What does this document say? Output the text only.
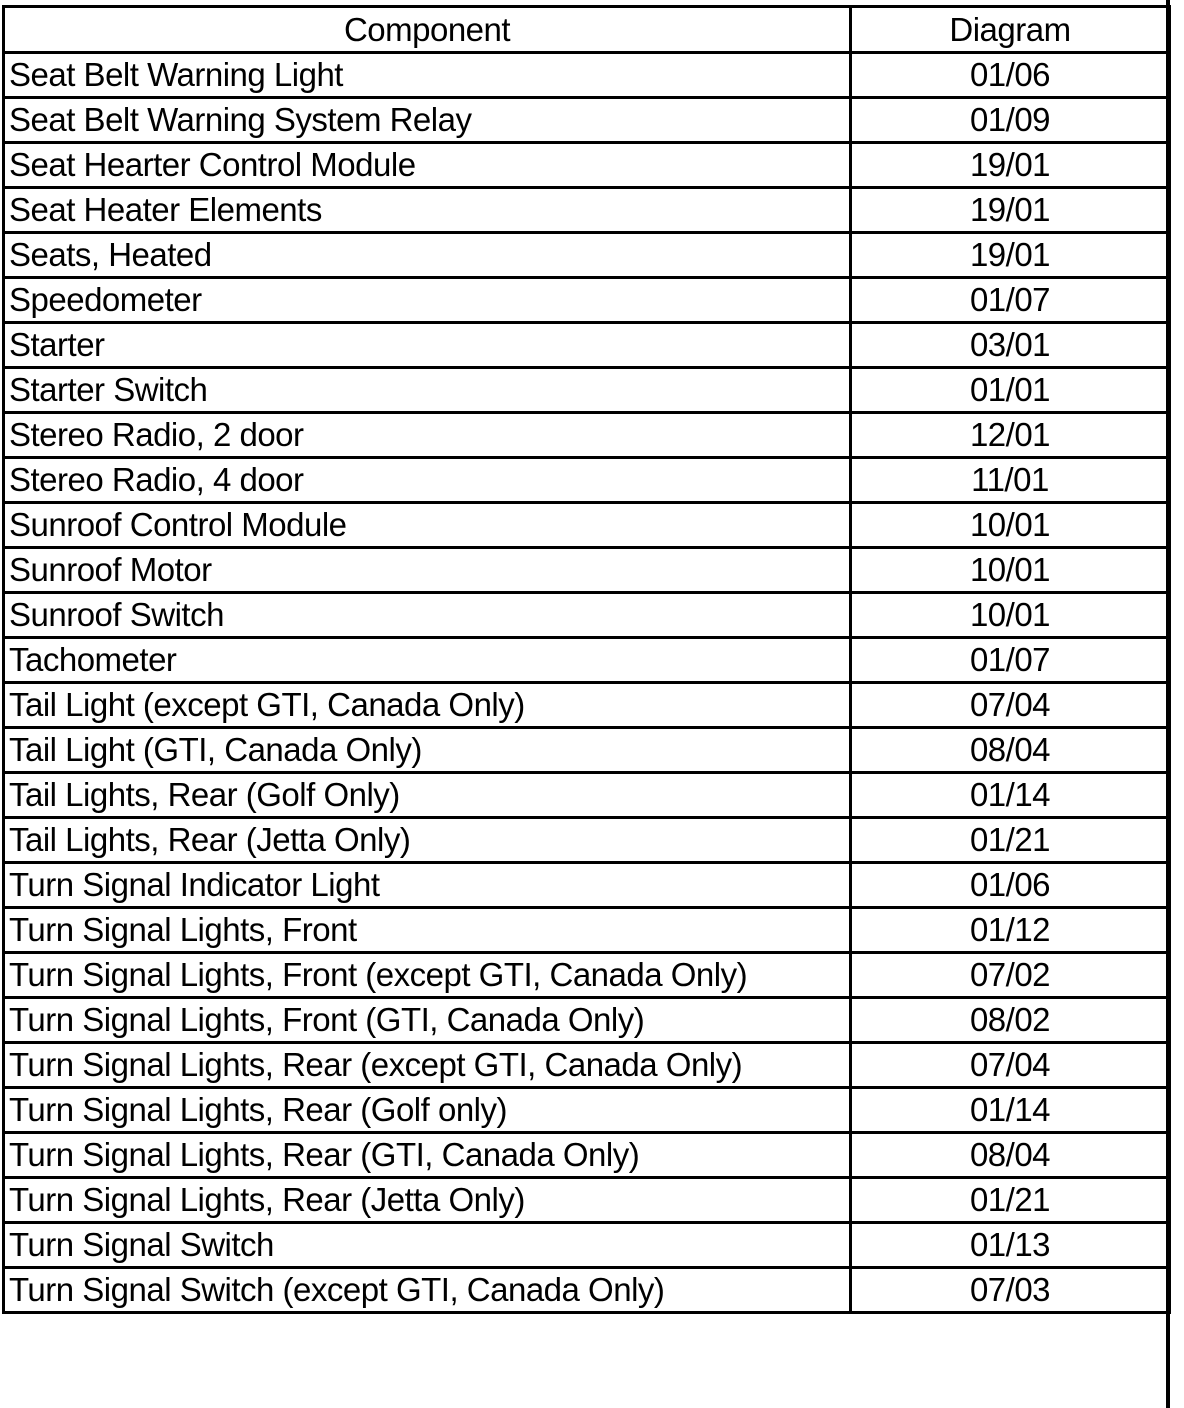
Component	Diagram
Seat Belt Warning Light	01/06
Seat Belt Warning System Relay	01/09
Seat Hearter Control Module	19/01
Seat Heater Elements	19/01
Seats, Heated	19/01
Speedometer	01/07
Starter	03/01
Starter Switch	01/01
Stereo Radio, 2 door	12/01
Stereo Radio, 4 door	11/01
Sunroof Control Module	10/01
Sunroof Motor	10/01
Sunroof Switch	10/01
Tachometer	01/07
Tail Light (except GTI, Canada Only)	07/04
Tail Light (GTI, Canada Only)	08/04
Tail Lights, Rear (Golf Only)	01/14
Tail Lights, Rear (Jetta Only)	01/21
Turn Signal Indicator Light	01/06
Turn Signal Lights, Front	01/12
Turn Signal Lights, Front (except GTI, Canada Only)	07/02
Turn Signal Lights, Front (GTI, Canada Only)	08/02
Turn Signal Lights, Rear (except GTI, Canada Only)	07/04
Turn Signal Lights, Rear (Golf only)	01/14
Turn Signal Lights, Rear (GTI, Canada Only)	08/04
Turn Signal Lights, Rear (Jetta Only)	01/21
Turn Signal Switch	01/13
Turn Signal Switch (except GTI, Canada Only)	07/03
